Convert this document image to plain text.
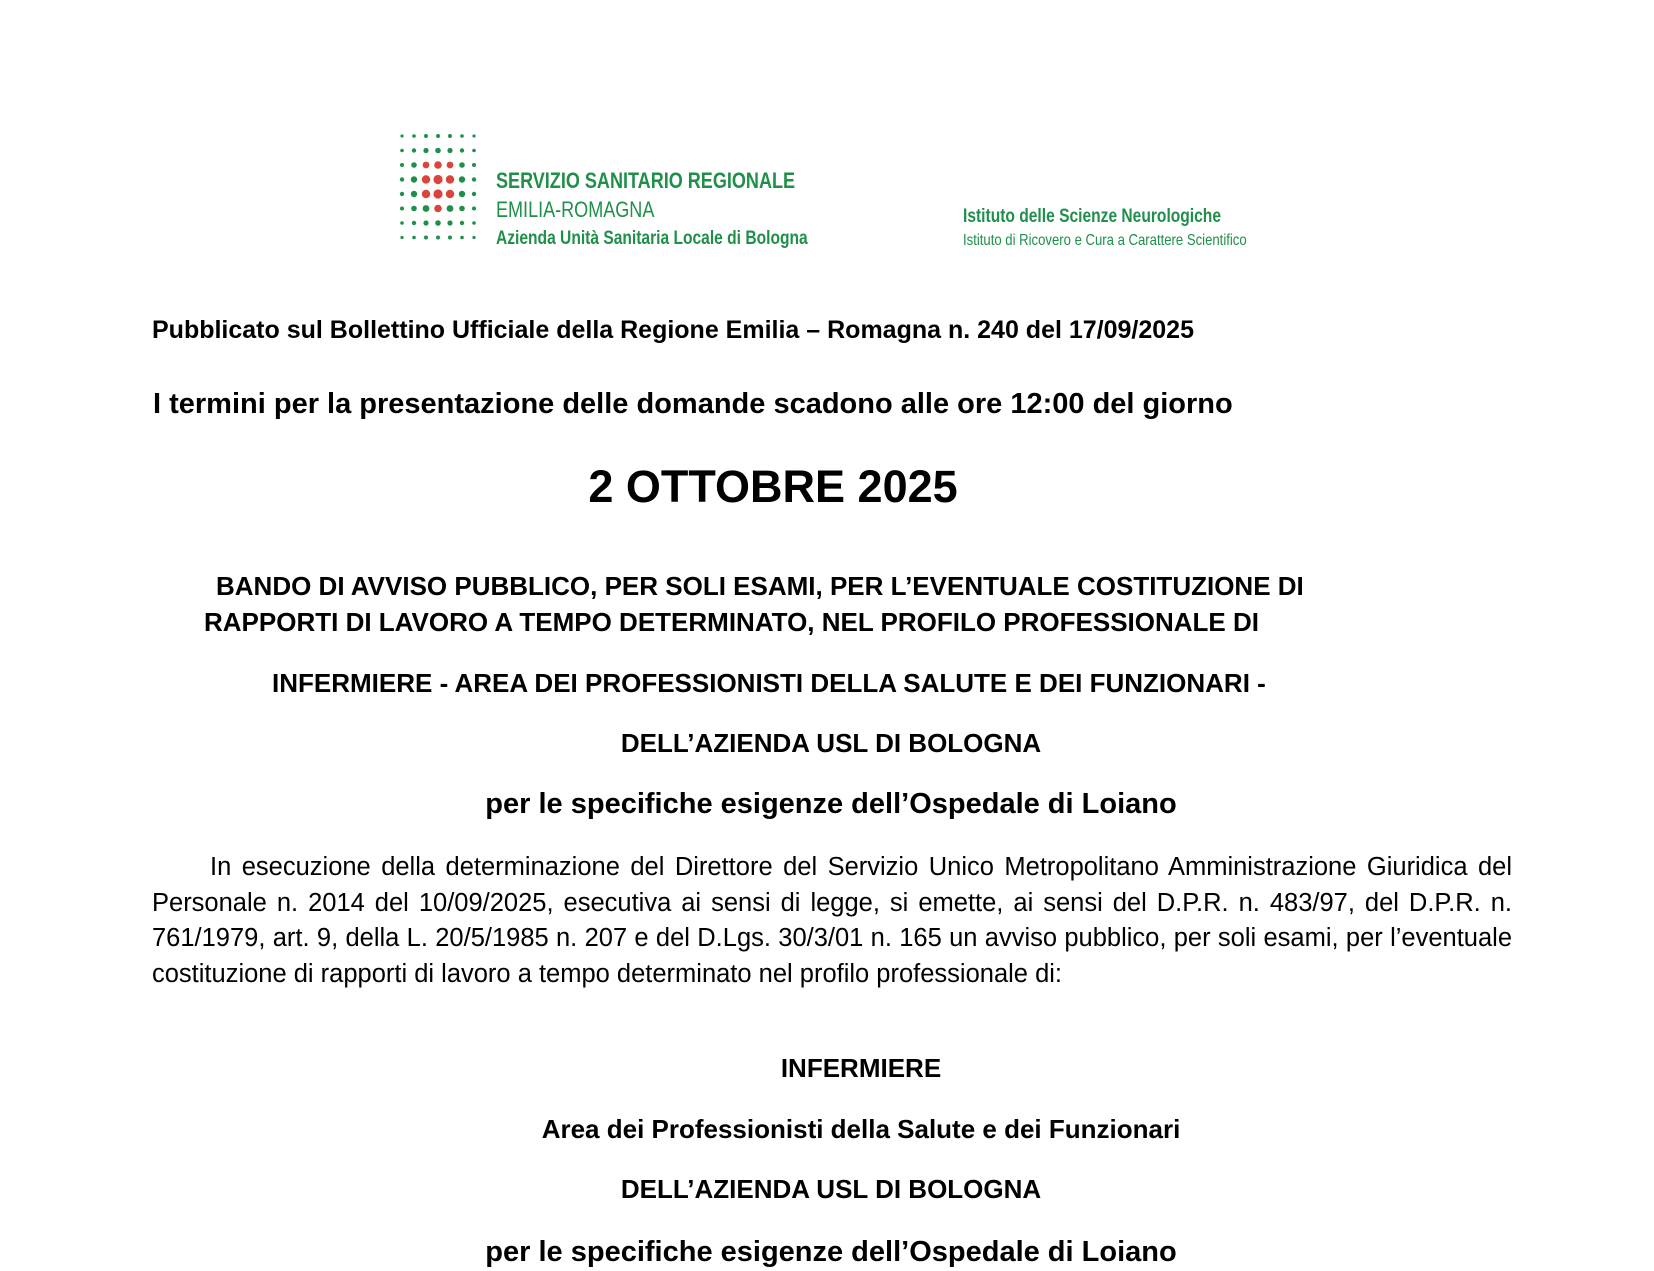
SERVIZIO SANITARIO REGIONALE
EMILIA-ROMAGNA
Azienda Unità Sanitaria Locale di Bologna
Istituto delle Scienze Neurologiche
Istituto di Ricovero e Cura a Carattere Scientifico
Pubblicato sul Bollettino Ufficiale della Regione Emilia – Romagna n. 240 del 17/09/2025
I termini per la presentazione delle domande scadono alle ore 12:00 del giorno
2 OTTOBRE 2025
BANDO DI AVVISO PUBBLICO, PER SOLI ESAMI, PER L’EVENTUALE COSTITUZIONE DI
RAPPORTI DI LAVORO A TEMPO DETERMINATO, NEL PROFILO PROFESSIONALE DI
INFERMIERE - AREA DEI PROFESSIONISTI DELLA SALUTE E DEI FUNZIONARI -
DELL’AZIENDA USL DI BOLOGNA
per le specifiche esigenze dell’Ospedale di Loiano
In esecuzione della determinazione del Direttore del Servizio Unico Metropolitano Amministrazione Giuridica del Personale n. 2014 del 10/09/2025, esecutiva ai sensi di legge, si emette, ai sensi del D.P.R. n. 483/97, del D.P.R. n. 761/1979, art. 9, della L. 20/5/1985 n. 207 e del D.Lgs. 30/3/01 n. 165 un avviso pubblico, per soli esami, per l’eventuale costituzione di rapporti di lavoro a tempo determinato nel profilo professionale di:
INFERMIERE
Area dei Professionisti della Salute e dei Funzionari
DELL’AZIENDA USL DI BOLOGNA
per le specifiche esigenze dell’Ospedale di Loiano
